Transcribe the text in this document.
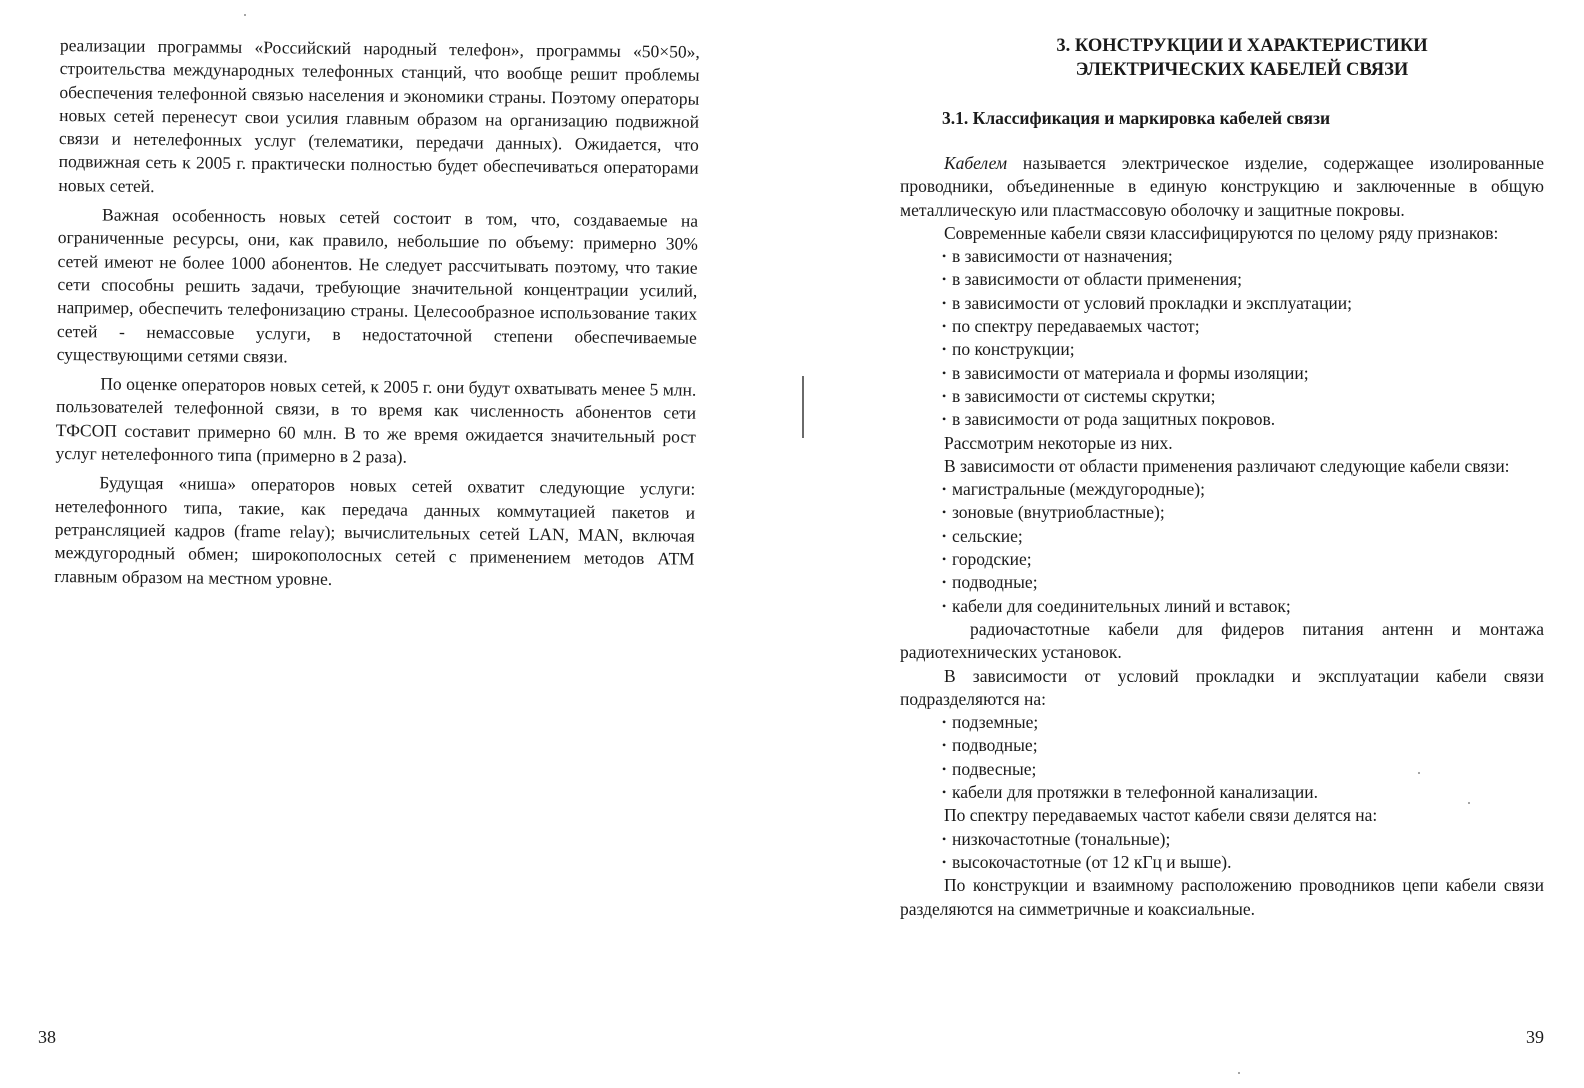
реализации программы «Российский народный телефон», программы «50×50», строительства международных телефонных станций, что вообще решит проблемы обеспечения телефонной связью населения и экономики страны. Поэтому операторы новых сетей перенесут свои усилия главным образом на организацию подвижной связи и нетелефонных услуг (телематики, передачи данных). Ожидается, что подвижная сеть к 2005 г. практически полностью будет обеспечиваться операторами новых сетей.

Важная особенность новых сетей состоит в том, что, создаваемые на ограниченные ресурсы, они, как правило, небольшие по объему: примерно 30% сетей имеют не более 1000 абонентов. Не следует рассчитывать поэтому, что такие сети способны решить задачи, требующие значительной концентрации усилий, например, обеспечить телефонизацию страны. Целесообразное использование таких сетей - немассовые услуги, в недостаточной степени обеспечиваемые существующими сетями связи.

По оценке операторов новых сетей, к 2005 г. они будут охватывать менее 5 млн. пользователей телефонной связи, в то время как численность абонентов сети ТФСОП составит примерно 60 млн. В то же время ожидается значительный рост услуг нетелефонного типа (примерно в 2 раза).

Будущая «ниша» операторов новых сетей охватит следующие услуги: нетелефонного типа, такие, как передача данных коммутацией пакетов и ретрансляцией кадров (frame relay); вычислительных сетей LAN, MAN, включая междугородный обмен; широкополосных сетей с применением методов АТМ главным образом на местном уровне.

38
3. КОНСТРУКЦИИ И ХАРАКТЕРИСТИКИ
ЭЛЕКТРИЧЕСКИХ КАБЕЛЕЙ СВЯЗИ
3.1. Классификация и маркировка кабелей связи

Кабелем называется электрическое изделие, содержащее изолированные проводники, объединенные в единую конструкцию и заключенные в общую металлическую или пластмассовую оболочку и защитные покровы.

Современные кабели связи классифицируются по целому ряду признаков:

• в зависимости от назначения;
• в зависимости от области применения;
• в зависимости от условий прокладки и эксплуатации;
• по спектру передаваемых частот;
• по конструкции;
• в зависимости от материала и формы изоляции;
• в зависимости от системы скрутки;
• в зависимости от рода защитных покровов.

Рассмотрим некоторые из них.

В зависимости от области применения различают следующие кабели связи:

• магистральные (междугородные);
• зоновые (внутриобластные);
• сельские;
• городские;
• подводные;
• кабели для соединительных линий и вставок;
• радиочастотные кабели для фидеров питания антенн и монтажа радиотехнических установок.

В зависимости от условий прокладки и эксплуатации кабели связи подразделяются на:

• подземные;
• подводные;
• подвесные;
• кабели для протяжки в телефонной канализации.

По спектру передаваемых частот кабели связи делятся на:

• низкочастотные (тональные);
• высокочастотные (от 12 кГц и выше).

По конструкции и взаимному расположению проводников цепи кабели связи разделяются на симметричные и коаксиальные.

39
